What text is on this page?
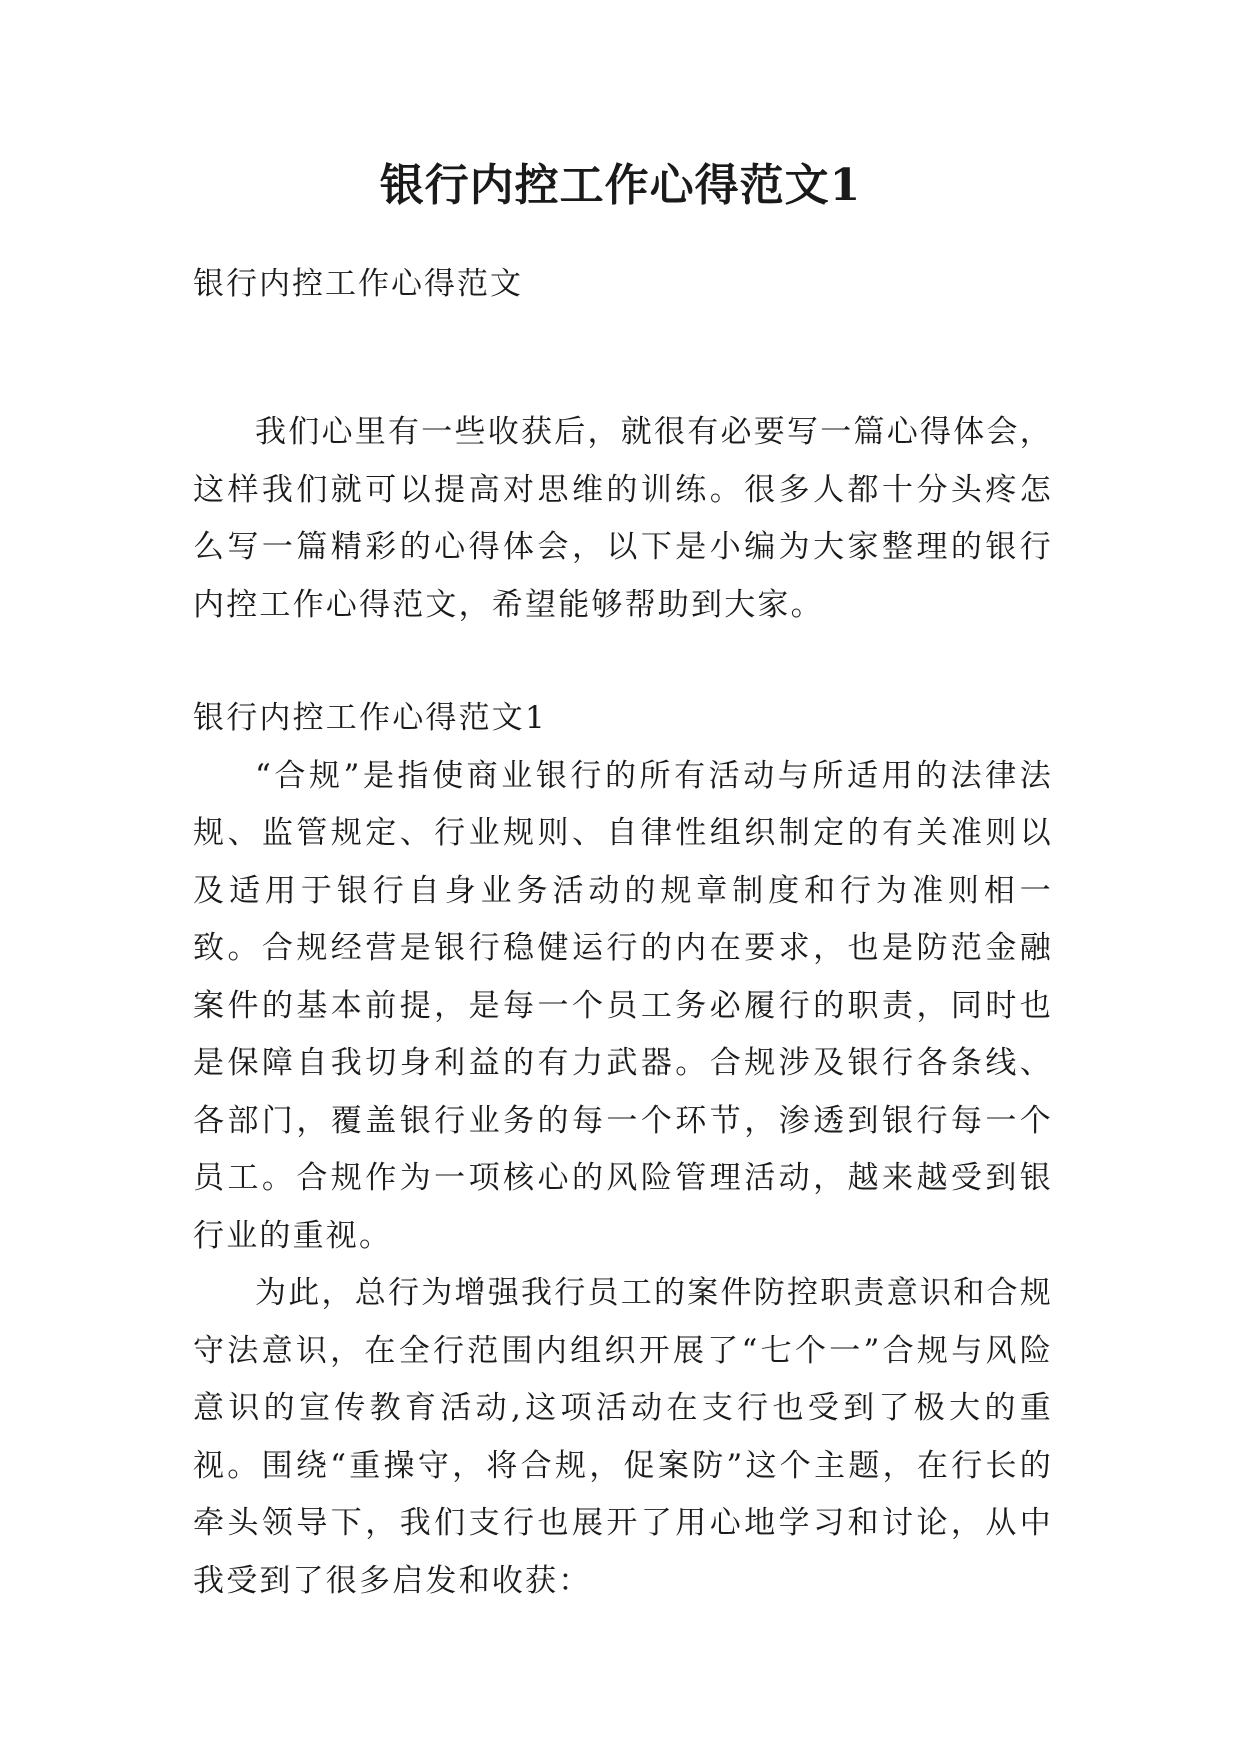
银行内控工作心得范文1
银行内控工作心得范文

我们心里有一些收获后，就很有必要写一篇心得体会，这样我们就可以提高对思维的训练。很多人都十分头疼怎么写一篇精彩的心得体会，以下是小编为大家整理的银行内控工作心得范文，希望能够帮助到大家。

银行内控工作心得范文1

“合规”是指使商业银行的所有活动与所适用的法律法规、监管规定、行业规则、自律性组织制定的有关准则以及适用于银行自身业务活动的规章制度和行为准则相一致。合规经营是银行稳健运行的内在要求，也是防范金融案件的基本前提，是每一个员工务必履行的职责，同时也是保障自我切身利益的有力武器。合规涉及银行各条线、各部门，覆盖银行业务的每一个环节，渗透到银行每一个员工。合规作为一项核心的风险管理活动，越来越受到银行业的重视。

为此，总行为增强我行员工的案件防控职责意识和合规守法意识，在全行范围内组织开展了“七个一”合规与风险意识的宣传教育活动,这项活动在支行也受到了极大的重视。围绕“重操守，将合规，促案防”这个主题，在行长的牵头领导下，我们支行也展开了用心地学习和讨论，从中我受到了很多启发和收获：
